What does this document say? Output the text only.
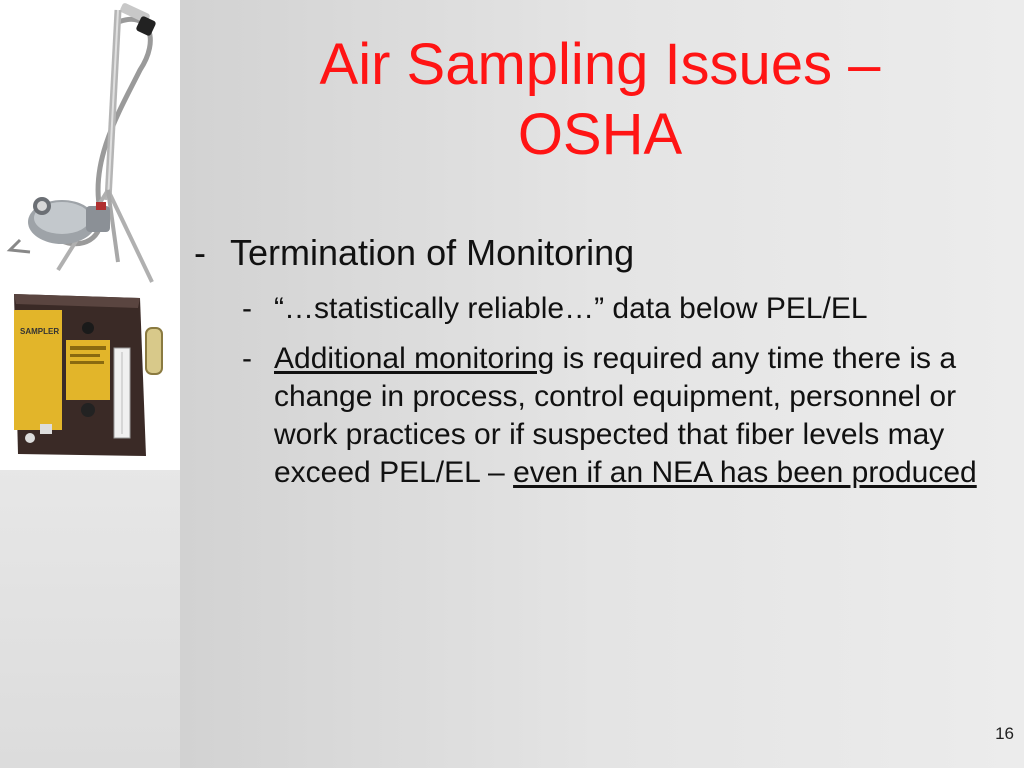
SAMPLER
Air Sampling Issues –
OSHA
- Termination of Monitoring
- “…statistically reliable…” data below PEL/EL
- Additional monitoring is required any time there is a change in process, control equipment, personnel or work practices or if suspected that fiber levels may exceed PEL/EL – even if an NEA has been produced
16
